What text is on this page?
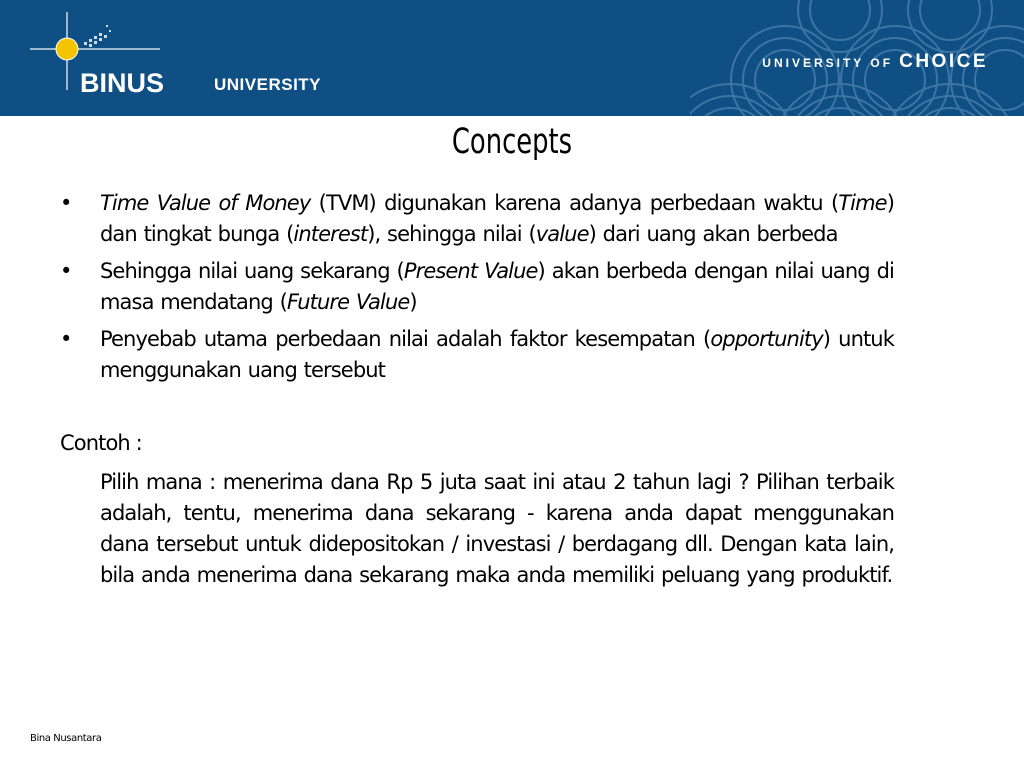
BINUS	UNIVERSITY
UNIVERSITY OF CHOICE
Concepts
•	Time Value of Money (TVM) digunakan karena adanya perbedaan waktu (Time) dan tingkat bunga (interest), sehingga nilai (value) dari uang akan berbeda
•	Sehingga nilai uang sekarang (Present Value) akan berbeda dengan nilai uang di masa mendatang (Future Value)
•	Penyebab utama perbedaan nilai adalah faktor kesempatan (opportunity) untuk menggunakan uang tersebut
Contoh :
Pilih mana : menerima dana Rp 5 juta saat ini atau 2 tahun lagi ? Pilihan terbaik adalah, tentu, menerima dana sekarang - karena anda dapat menggunakan dana tersebut untuk didepositokan / investasi / berdagang dll. Dengan kata lain, bila anda menerima dana sekarang maka anda memiliki peluang yang produktif.
Bina Nusantara
